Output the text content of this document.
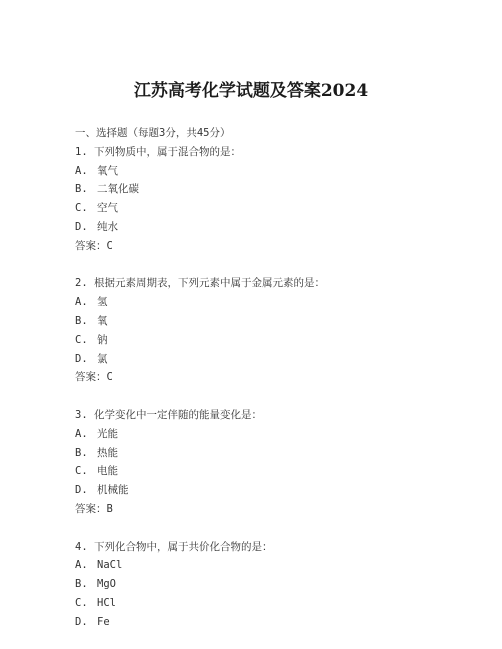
江苏高考化学试题及答案2024
一、选择题（每题3分，共45分）
1. 下列物质中，属于混合物的是：
A. 氧气
B. 二氧化碳
C. 空气
D. 纯水
答案：C
2. 根据元素周期表，下列元素中属于金属元素的是：
A. 氢
B. 氧
C. 钠
D. 氯
答案：C
3. 化学变化中一定伴随的能量变化是：
A. 光能
B. 热能
C. 电能
D. 机械能
答案：B
4. 下列化合物中，属于共价化合物的是：
A. NaCl
B. MgO
C. HCl
D. Fe
